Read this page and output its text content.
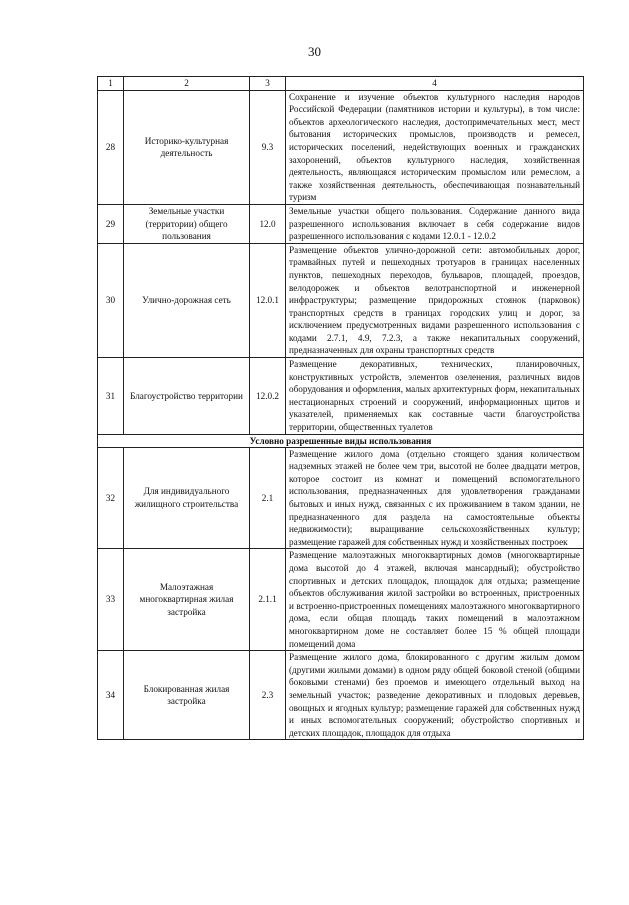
30
1	2	3	4
28	Историко-культурная деятельность	9.3	Сохранение и изучение объектов культурного наследия народов Российской Федерации (памятников истории и культуры), в том числе: объектов археологического наследия, достопримечательных мест, мест бытования исторических промыслов, производств и ремесел, исторических поселений, недействующих военных и гражданских захоронений, объектов культурного наследия, хозяйственная деятельность, являющаяся историческим промыслом или ремеслом, а также хозяйственная деятельность, обеспечивающая познавательный туризм
29	Земельные участки (территории) общего пользования	12.0	Земельные участки общего пользования. Содержание данного вида разрешенного использования включает в себя содержание видов разрешенного использования с кодами 12.0.1 - 12.0.2
30	Улично-дорожная сеть	12.0.1	Размещение объектов улично-дорожной сети: автомобильных дорог, трамвайных путей и пешеходных тротуаров в границах населенных пунктов, пешеходных переходов, бульваров, площадей, проездов, велодорожек и объектов велотранспортной и инженерной инфраструктуры; размещение придорожных стоянок (парковок) транспортных средств в границах городских улиц и дорог, за исключением предусмотренных видами разрешенного использования с кодами 2.7.1, 4.9, 7.2.3, а также некапитальных сооружений, предназначенных для охраны транспортных средств
31	Благоустройство территории	12.0.2	Размещение декоративных, технических, планировочных, конструктивных устройств, элементов озеленения, различных видов оборудования и оформления, малых архитектурных форм, некапитальных нестационарных строений и сооружений, информационных щитов и указателей, применяемых как составные части благоустройства территории, общественных туалетов
Условно разрешенные виды использования			
32	Для индивидуального жилищного строительства	2.1	Размещение жилого дома (отдельно стоящего здания количеством надземных этажей не более чем три, высотой не более двадцати метров, которое состоит из комнат и помещений вспомогательного использования, предназначенных для удовлетворения гражданами бытовых и иных нужд, связанных с их проживанием в таком здании, не предназначенного для раздела на самостоятельные объекты недвижимости); выращивание сельскохозяйственных культур; размещение гаражей для собственных нужд и хозяйственных построек
33	Малоэтажная многоквартирная жилая застройка	2.1.1	Размещение малоэтажных многоквартирных домов (многоквартирные дома высотой до 4 этажей, включая мансардный); обустройство спортивных и детских площадок, площадок для отдыха; размещение объектов обслуживания жилой застройки во встроенных, пристроенных и встроенно-пристроенных помещениях малоэтажного многоквартирного дома, если общая площадь таких помещений в малоэтажном многоквартирном доме не составляет более 15 % общей площади помещений дома
34	Блокированная жилая застройка	2.3	Размещение жилого дома, блокированного с другим жилым домом (другими жилыми домами) в одном ряду общей боковой стеной (общими боковыми стенами) без проемов и имеющего отдельный выход на земельный участок; разведение декоративных и плодовых деревьев, овощных и ягодных культур; размещение гаражей для собственных нужд и иных вспомогательных сооружений; обустройство спортивных и детских площадок, площадок для отдыха
